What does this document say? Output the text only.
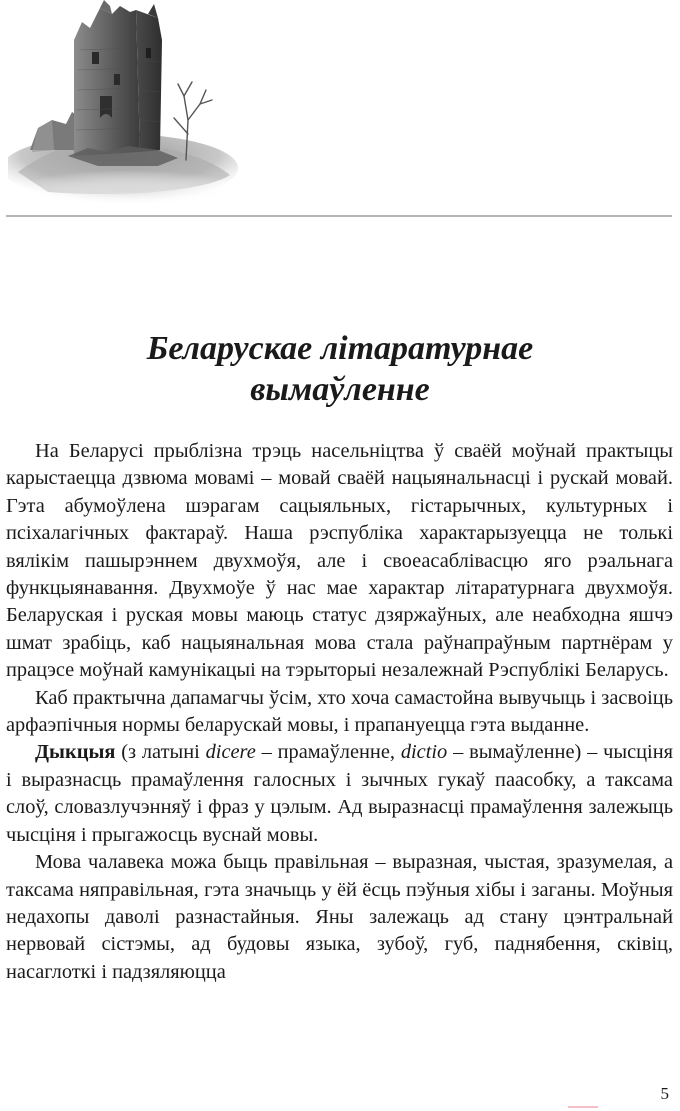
Беларускае літаратурнае
вымаўленне

На Беларусі прыблізна трэць насельніцтва ў сваёй моўнай практыцы карыстаецца дзвюма мовамі – мовай сваёй нацыянальнасці і рускай мовай. Гэта абумоўлена шэрагам сацыяльных, гістарычных, культурных і псіхалагічных фактараў. Наша рэспубліка характарызуецца не толькі вялікім пашырэннем двухмоўя, але і своеасаблівасцю яго рэальнага функцыянавання. Двухмоўе ў нас мае характар літаратурнага двухмоўя. Беларуская і руская мовы маюць статус дзяржаўных, але неабходна яшчэ шмат зрабіць, каб нацыянальная мова стала раўнапраўным партнёрам у працэсе моўнай камунікацыі на тэрыторыі незалежнай Рэспублікі Беларусь.

Каб практычна дапамагчы ўсім, хто хоча самастойна вывучыць і засвоіць арфаэпічныя нормы беларускай мовы, і прапануецца гэта выданне.

Дыкцыя (з латыні dicere – прамаўленне, dictio – вымаўленне) – чысціня і выразнасць прамаўлення галосных і зычных гукаў паасобку, а таксама слоў, словазлучэнняў і фраз у цэлым. Ад выразнасці прамаўлення залежыць чысціня і прыгажосць вуснай мовы.

Мова чалавека можа быць правільная – выразная, чыстая, зразумелая, а таксама няправільная, гэта значыць у ёй ёсць пэўныя хібы і заганы. Моўныя недахопы даволі разнастайныя. Яны залежаць ад стану цэнтральнай нервовай сістэмы, ад будовы языка, зубоў, губ, паднябення, сківіц, насаглоткі і падзяляюцца

5
